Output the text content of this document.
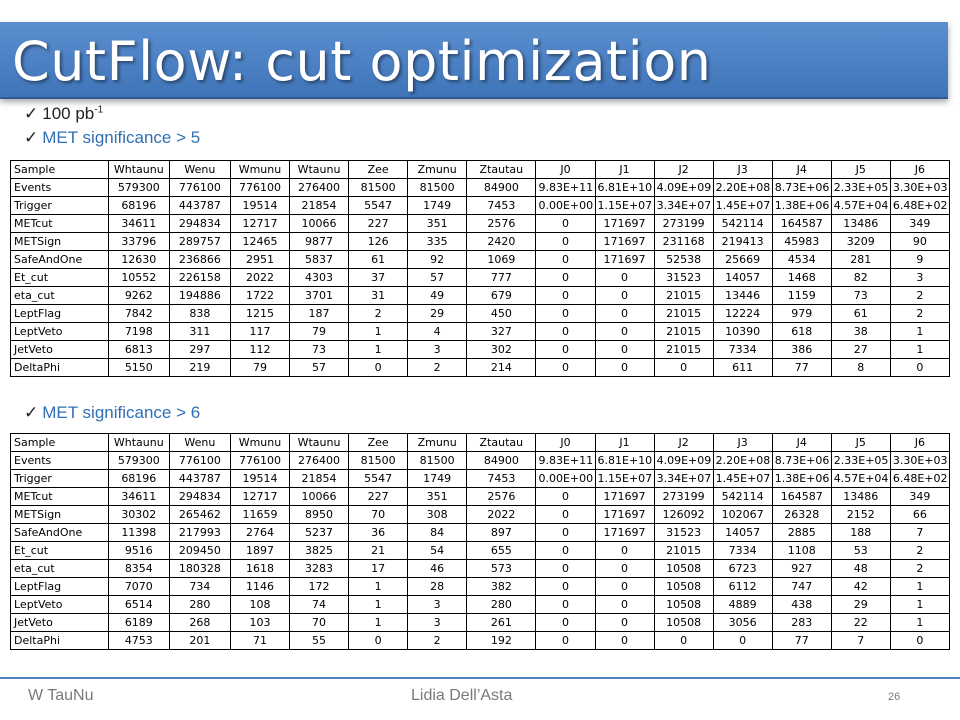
CutFlow: cut optimization
✓ 100 $pb^{-1}$
✓ MET significance > 5
Sample	Whtaunu	Wenu	Wmunu	Wtaunu	Zee	Zmunu	Ztautau	J0	J1	J2	J3	J4	J5	J6
Events	579300	776100	776100	276400	81500	81500	84900	9.83E+11	6.81E+10	4.09E+09	2.20E+08	8.73E+06	2.33E+05	3.30E+03
Trigger	68196	443787	19514	21854	5547	1749	7453	0.00E+00	1.15E+07	3.34E+07	1.45E+07	1.38E+06	4.57E+04	6.48E+02
METcut	34611	294834	12717	10066	227	351	2576	0	171697	273199	542114	164587	13486	349
METSign	33796	289757	12465	9877	126	335	2420	0	171697	231168	219413	45983	3209	90
SafeAndOne	12630	236866	2951	5837	61	92	1069	0	171697	52538	25669	4534	281	9
Et_cut	10552	226158	2022	4303	37	57	777	0	0	31523	14057	1468	82	3
eta_cut	9262	194886	1722	3701	31	49	679	0	0	21015	13446	1159	73	2
LeptFlag	7842	838	1215	187	2	29	450	0	0	21015	12224	979	61	2
LeptVeto	7198	311	117	79	1	4	327	0	0	21015	10390	618	38	1
JetVeto	6813	297	112	73	1	3	302	0	0	21015	7334	386	27	1
DeltaPhi	5150	219	79	57	0	2	214	0	0	0	611	77	8	0
✓ MET significance > 6
Sample	Whtaunu	Wenu	Wmunu	Wtaunu	Zee	Zmunu	Ztautau	J0	J1	J2	J3	J4	J5	J6
Events	579300	776100	776100	276400	81500	81500	84900	9.83E+11	6.81E+10	4.09E+09	2.20E+08	8.73E+06	2.33E+05	3.30E+03
Trigger	68196	443787	19514	21854	5547	1749	7453	0.00E+00	1.15E+07	3.34E+07	1.45E+07	1.38E+06	4.57E+04	6.48E+02
METcut	34611	294834	12717	10066	227	351	2576	0	171697	273199	542114	164587	13486	349
METSign	30302	265462	11659	8950	70	308	2022	0	171697	126092	102067	26328	2152	66
SafeAndOne	11398	217993	2764	5237	36	84	897	0	171697	31523	14057	2885	188	7
Et_cut	9516	209450	1897	3825	21	54	655	0	0	21015	7334	1108	53	2
eta_cut	8354	180328	1618	3283	17	46	573	0	0	10508	6723	927	48	2
LeptFlag	7070	734	1146	172	1	28	382	0	0	10508	6112	747	42	1
LeptVeto	6514	280	108	74	1	3	280	0	0	10508	4889	438	29	1
JetVeto	6189	268	103	70	1	3	261	0	0	10508	3056	283	22	1
DeltaPhi	4753	201	71	55	0	2	192	0	0	0	0	77	7	0
W TauNu	Lidia Dell’Asta	26
